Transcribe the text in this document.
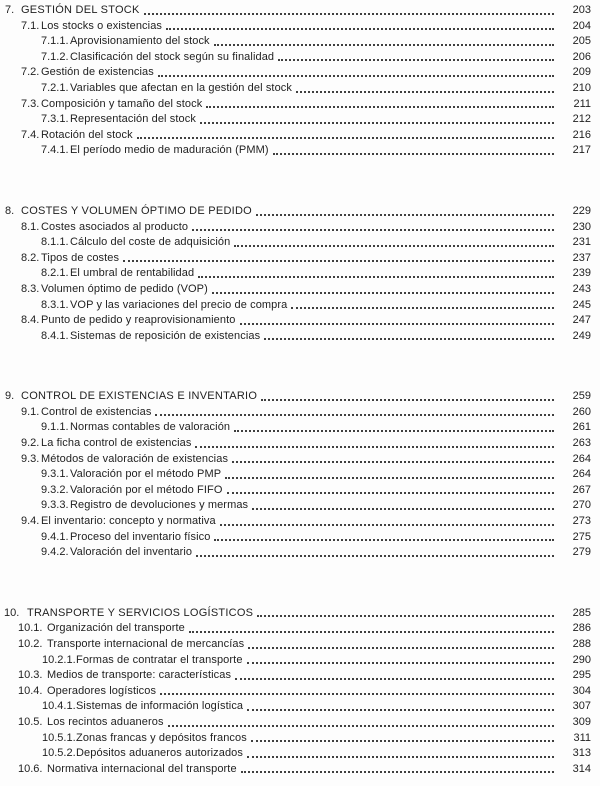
7. GESTIÓN DEL STOCK	203
7.1. Los stocks o existencias	204
7.1.1. Aprovisionamiento del stock	205
7.1.2. Clasificación del stock según su finalidad	206
7.2. Gestión de existencias	209
7.2.1. Variables que afectan en la gestión del stock	210
7.3. Composición y tamaño del stock	211
7.3.1. Representación del stock	212
7.4. Rotación del stock	216
7.4.1. El período medio de maduración (PMM)	217
8. COSTES Y VOLUMEN ÓPTIMO DE PEDIDO	229
8.1. Costes asociados al producto	230
8.1.1. Cálculo del coste de adquisición	231
8.2. Tipos de costes	237
8.2.1. El umbral de rentabilidad	239
8.3. Volumen óptimo de pedido (VOP)	243
8.3.1. VOP y las variaciones del precio de compra	245
8.4. Punto de pedido y reaprovisionamiento	247
8.4.1. Sistemas de reposición de existencias	249
9. CONTROL DE EXISTENCIAS E INVENTARIO	259
9.1. Control de existencias	260
9.1.1. Normas contables de valoración	261
9.2. La ficha control de existencias	263
9.3. Métodos de valoración de existencias	264
9.3.1. Valoración por el método PMP	264
9.3.2. Valoración por el método FIFO	267
9.3.3. Registro de devoluciones y mermas	270
9.4. El inventario: concepto y normativa	273
9.4.1. Proceso del inventario físico	275
9.4.2. Valoración del inventario	279
10. TRANSPORTE Y SERVICIOS LOGÍSTICOS	285
10.1. Organización del transporte	286
10.2. Transporte internacional de mercancías	288
10.2.1. Formas de contratar el transporte	290
10.3. Medios de transporte: características	295
10.4. Operadores logísticos	304
10.4.1. Sistemas de información logística	307
10.5. Los recintos aduaneros	309
10.5.1. Zonas francas y depósitos francos	311
10.5.2. Depósitos aduaneros autorizados	313
10.6. Normativa internacional del transporte	314
